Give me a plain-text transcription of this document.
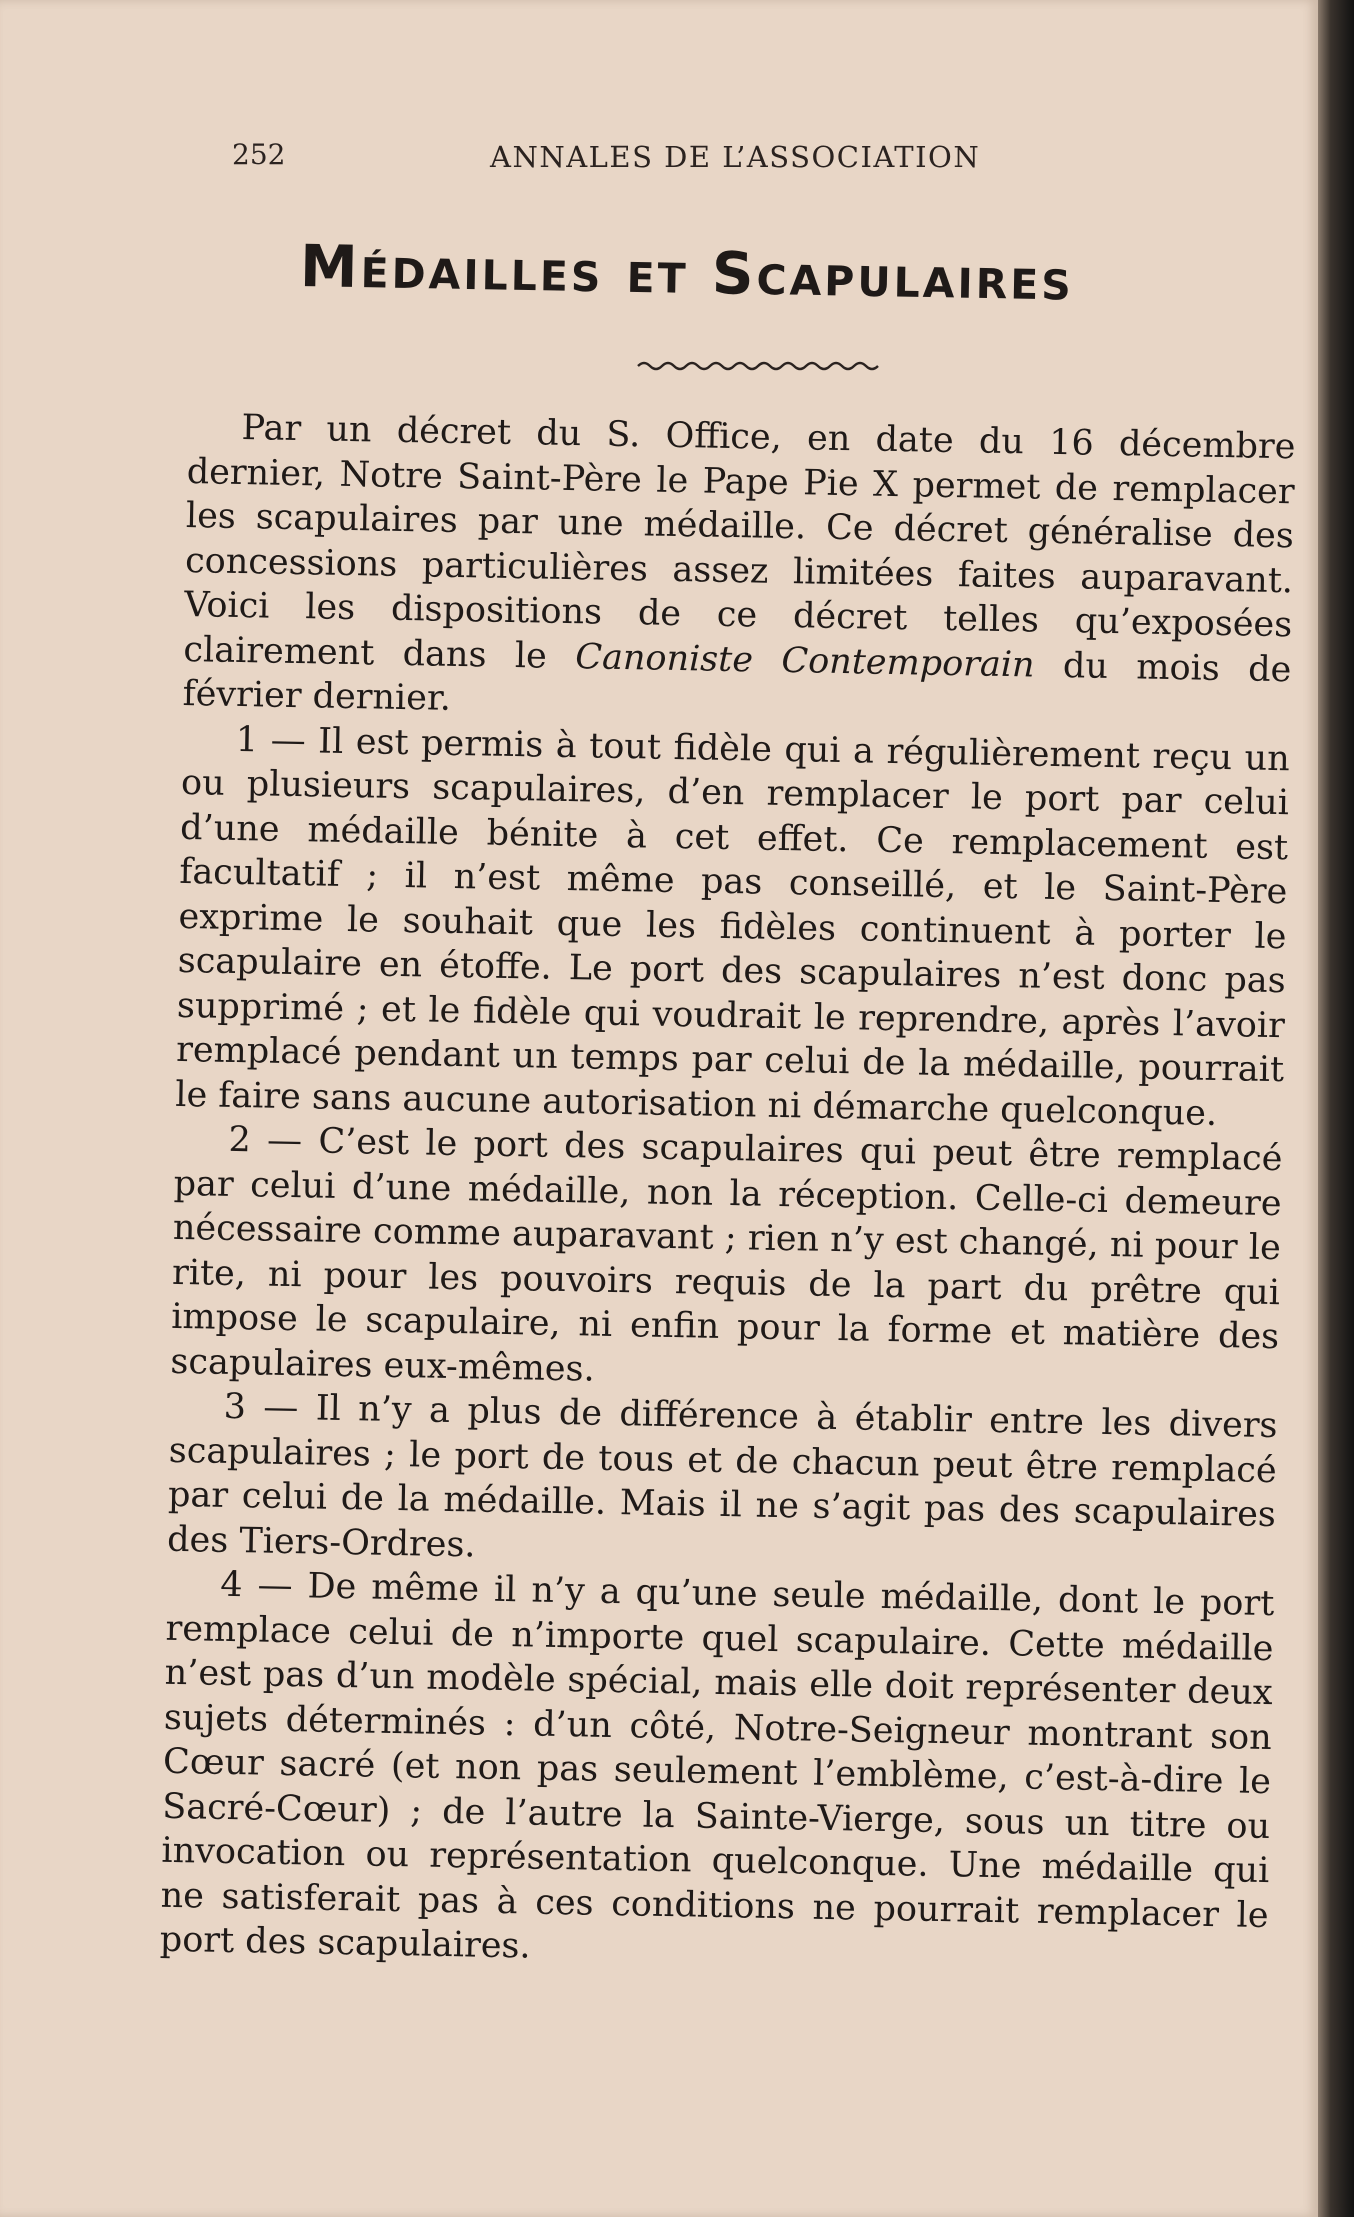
252	ANNALES DE L’ASSOCIATION
Médailles et Scapulaires

Par un décret du S. Office, en date du 16 décembre dernier, Notre Saint-Père le Pape Pie X permet de remplacer les scapulaires par une médaille. Ce décret généralise des concessions particulières assez limitées faites auparavant. Voici les dispositions de ce décret telles qu’exposées clairement dans le Canoniste Contemporain du mois de février dernier.

1 — Il est permis à tout fidèle qui a régulièrement reçu un ou plusieurs scapulaires, d’en remplacer le port par celui d’une médaille bénite à cet effet. Ce remplacement est facultatif ; il n’est même pas conseillé, et le Saint-Père exprime le souhait que les fidèles continuent à porter le scapulaire en étoffe. Le port des scapulaires n’est donc pas supprimé ; et le fidèle qui voudrait le reprendre, après l’avoir remplacé pendant un temps par celui de la médaille, pourrait le faire sans aucune autorisation ni démarche quelconque.

2 — C’est le port des scapulaires qui peut être remplacé par celui d’une médaille, non la réception. Celle-ci demeure nécessaire comme auparavant ; rien n’y est changé, ni pour le rite, ni pour les pouvoirs requis de la part du prêtre qui impose le scapulaire, ni enfin pour la forme et matière des scapulaires eux-mêmes.

3 — Il n’y a plus de différence à établir entre les divers scapulaires ; le port de tous et de chacun peut être remplacé par celui de la médaille. Mais il ne s’agit pas des scapulaires des Tiers-Ordres.

4 — De même il n’y a qu’une seule médaille, dont le port remplace celui de n’importe quel scapulaire. Cette médaille n’est pas d’un modèle spécial, mais elle doit représenter deux sujets déterminés : d’un côté, Notre-Seigneur montrant son Cœur sacré (et non pas seulement l’emblème, c’est-à-dire le Sacré-Cœur) ; de l’autre la Sainte-Vierge, sous un titre ou invocation ou représentation quelconque. Une médaille qui ne satisferait pas à ces conditions ne pourrait remplacer le port des scapulaires.
